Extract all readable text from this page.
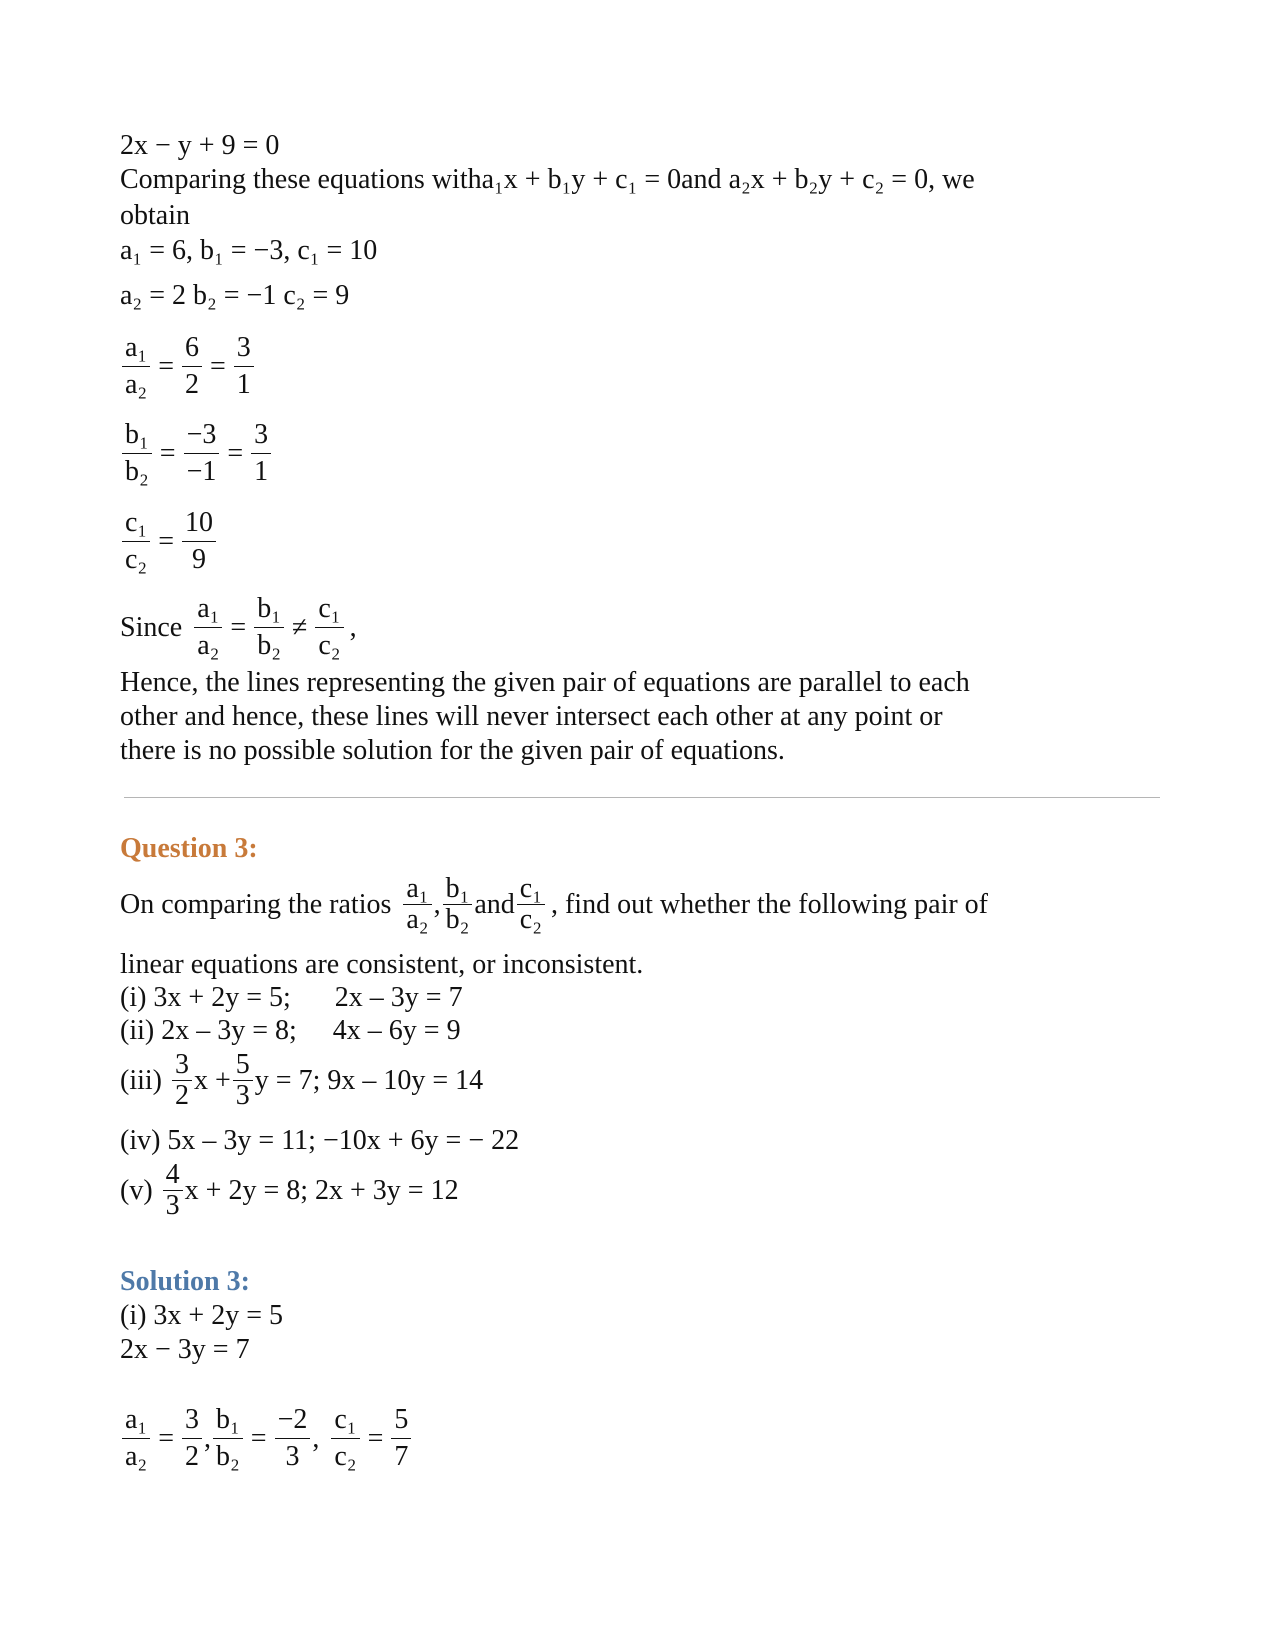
2x − y + 9 = 0
Comparing these equations witha₁x + b₁y + c₁ = 0and a₂x + b₂y + c₂ = 0, we
obtain
a₁ = 6, b₁ = −3, c₁ = 10
a₂ = 2 b₂ = −1 c₂ = 9
$\frac{\text{a₁}}{\text{a₂}} = \frac{6}{2} = \frac{3}{1}$
$\frac{\text{b₁}}{\text{b₂}} = \frac{-3}{-1} = \frac{3}{1}$
$\frac{\text{c₁}}{\text{c₂}} = \frac{10}{9}$
Since $\frac{\text{a₁}}{\text{a₂}} = \frac{\text{b₁}}{\text{b₂}} \ne \frac{\text{c₁}}{\text{c₂}}$ ,
Hence, the lines representing the given pair of equations are parallel to each
other and hence, these lines will never intersect each other at any point or
there is no possible solution for the given pair of equations.
Question 3:
On comparing the ratios $\frac{\text{a₁}}{\text{a₂}}$ , $\frac{\text{b₁}}{\text{b₂}}$ and $\frac{\text{c₁}}{\text{c₂}}$ , find out whether the following pair of
linear equations are consistent, or inconsistent.
(i) 3x + 2y = 5; 2x – 3y = 7
(ii) 2x – 3y = 8; 4x – 6y = 9
$(iii) \frac{3}{2}$ $x + \frac{5}{3}$ y = 7; 9x – 10y = 14
(iv) 5x – 3y = 11; −10x + 6y = − 22
$(v) \frac{4}{3}$ x + 2y = 8; 2x + 3y = 12
Solution 3:
(i) 3x + 2y = 5
2x − 3y = 7
$\frac{\text{a₁}}{\text{a₂}} = \frac{3}{2}$ , $\frac{\text{b₁}}{\text{b₂}} = \frac{-2}{3}$ , $\frac{\text{c₁}}{\text{c₂}} = \frac{5}{7}$
